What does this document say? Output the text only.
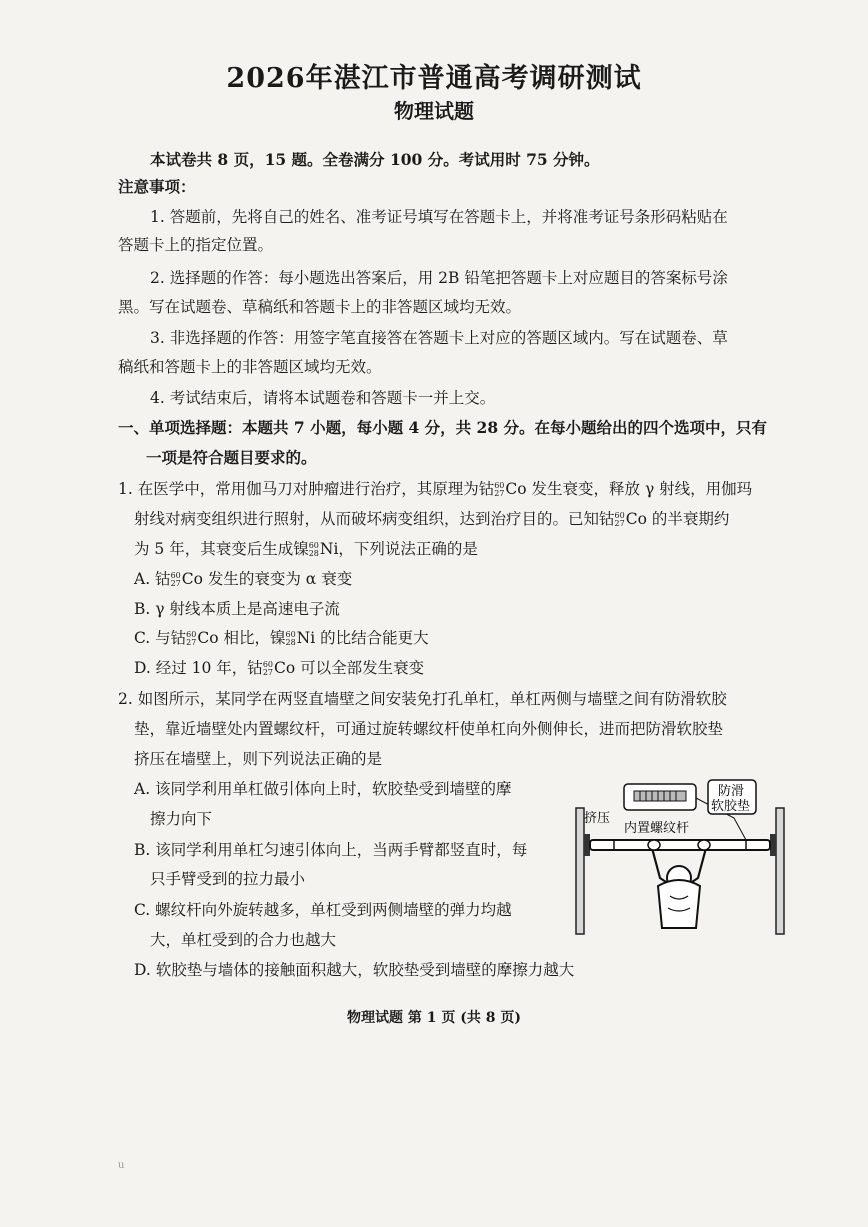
2026年湛江市普通高考调研测试
物理试题
本试卷共 8 页，15 题。全卷满分 100 分。考试用时 75 分钟。
注意事项：
1. 答题前，先将自己的姓名、准考证号填写在答题卡上，并将准考证号条形码粘贴在
答题卡上的指定位置。
2. 选择题的作答：每小题选出答案后，用 2B 铅笔把答题卡上对应题目的答案标号涂
黑。写在试题卷、草稿纸和答题卡上的非答题区域均无效。
3. 非选择题的作答：用签字笔直接答在答题卡上对应的答题区域内。写在试题卷、草
稿纸和答题卡上的非答题区域均无效。
4. 考试结束后，请将本试题卷和答题卡一并上交。
一、单项选择题：本题共 7 小题，每小题 4 分，共 28 分。在每小题给出的四个选项中，只有
一项是符合题目要求的。
1. 在医学中，常用伽马刀对肿瘤进行治疗，其原理为钴60
27Co 发生衰变，释放 γ 射线，用伽玛
射线对病变组织进行照射，从而破坏病变组织，达到治疗目的。已知钴60
27Co 的半衰期约
为 5 年，其衰变后生成镍60
28Ni，下列说法正确的是
A. 钴60
27Co 发生的衰变为 α 衰变
B. γ 射线本质上是高速电子流
C. 与钴60
27Co 相比，镍60
28Ni 的比结合能更大
D. 经过 10 年，钴60
27Co 可以全部发生衰变
2. 如图所示，某同学在两竖直墙壁之间安装免打孔单杠，单杠两侧与墙壁之间有防滑软胶
垫，靠近墙壁处内置螺纹杆，可通过旋转螺纹杆使单杠向外侧伸长，进而把防滑软胶垫
挤压在墙壁上，则下列说法正确的是
A. 该同学利用单杠做引体向上时，软胶垫受到墙壁的摩
擦力向下
B. 该同学利用单杠匀速引体向上，当两手臂都竖直时，每
只手臂受到的拉力最小
C. 螺纹杆向外旋转越多，单杠受到两侧墙壁的弹力均越
大，单杠受到的合力也越大
D. 软胶垫与墙体的接触面积越大，软胶垫受到墙壁的摩擦力越大
挤压
内置螺纹杆
防滑
软胶垫
物理试题 第 1 页 (共 8 页)
u
